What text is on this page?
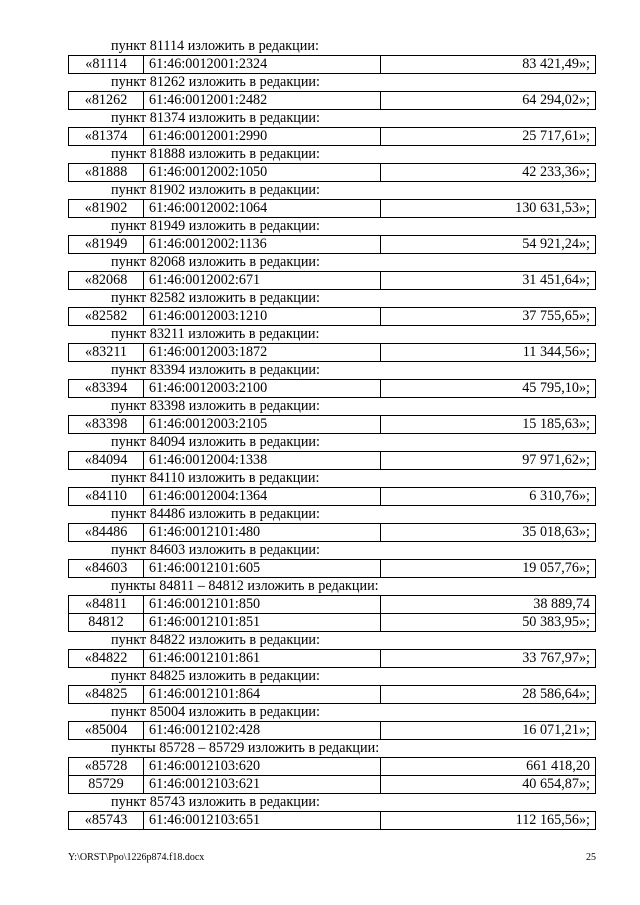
пункт 81114 изложить в редакции:
«81114	61:46:0012001:2324	83 421,49»;
пункт 81262 изложить в редакции:
«81262	61:46:0012001:2482	64 294,02»;
пункт 81374 изложить в редакции:
«81374	61:46:0012001:2990	25 717,61»;
пункт 81888 изложить в редакции:
«81888	61:46:0012002:1050	42 233,36»;
пункт 81902 изложить в редакции:
«81902	61:46:0012002:1064	130 631,53»;
пункт 81949 изложить в редакции:
«81949	61:46:0012002:1136	54 921,24»;
пункт 82068 изложить в редакции:
«82068	61:46:0012002:671	31 451,64»;
пункт 82582 изложить в редакции:
«82582	61:46:0012003:1210	37 755,65»;
пункт 83211 изложить в редакции:
«83211	61:46:0012003:1872	11 344,56»;
пункт 83394 изложить в редакции:
«83394	61:46:0012003:2100	45 795,10»;
пункт 83398 изложить в редакции:
«83398	61:46:0012003:2105	15 185,63»;
пункт 84094 изложить в редакции:
«84094	61:46:0012004:1338	97 971,62»;
пункт 84110 изложить в редакции:
«84110	61:46:0012004:1364	6 310,76»;
пункт 84486 изложить в редакции:
«84486	61:46:0012101:480	35 018,63»;
пункт 84603 изложить в редакции:
«84603	61:46:0012101:605	19 057,76»;
пункты 84811 – 84812 изложить в редакции:
«84811	61:46:0012101:850	38 889,74
84812	61:46:0012101:851	50 383,95»;
пункт 84822 изложить в редакции:
«84822	61:46:0012101:861	33 767,97»;
пункт 84825 изложить в редакции:
«84825	61:46:0012101:864	28 586,64»;
пункт 85004 изложить в редакции:
«85004	61:46:0012102:428	16 071,21»;
пункты 85728 – 85729 изложить в редакции:
«85728	61:46:0012103:620	661 418,20
85729	61:46:0012103:621	40 654,87»;
пункт 85743 изложить в редакции:
«85743	61:46:0012103:651	112 165,56»;
Y:\ORST\Ppo\1226p874.f18.docx	25
